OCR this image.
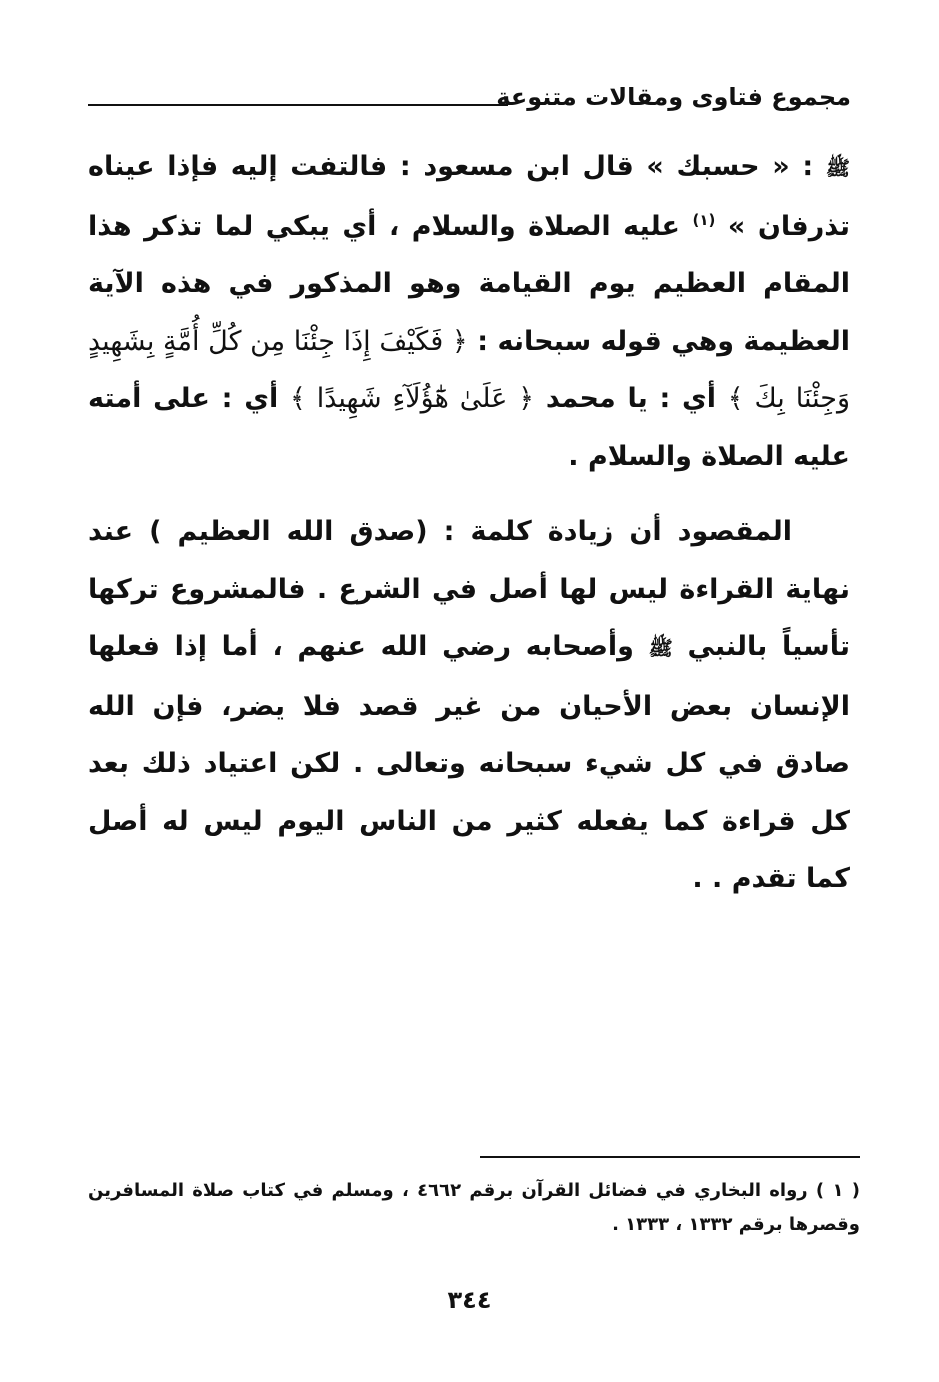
مجموع فتاوى ومقالات متنوعة

ﷺ : « حسبك » قال ابن مسعود : فالتفت إليه فإذا عيناه تذرفان » $^{(١)}$ عليه الصلاة والسلام ، أي يبكي لما تذكر هذا المقام العظيم يوم القيامة وهو المذكور في هذه الآية العظيمة وهي قوله سبحانه : ﴿ فَكَيْفَ إِذَا جِئْنَا مِن كُلِّ أُمَّةٍ بِشَهِيدٍ وَجِئْنَا بِكَ ﴾ أي : يا محمد ﴿ عَلَىٰ هَٰٓؤُلَآءِ شَهِيدًا ﴾ أي : على أمته عليه الصلاة والسلام .

المقصود أن زيادة كلمة : (صدق الله العظيم ) عند نهاية القراءة ليس لها أصل في الشرع . فالمشروع تركها تأسياً بالنبي ﷺ وأصحابه رضي الله عنهم ، أما إذا فعلها الإنسان بعض الأحيان من غير قصد فلا يضر، فإن الله صادق في كل شيء سبحانه وتعالى . لكن اعتياد ذلك بعد كل قراءة كما يفعله كثير من الناس اليوم ليس له أصل كما تقدم . .

( ١ ) رواه البخاري في فضائل القرآن برقم ٤٦٦٢ ، ومسلم في كتاب صلاة المسافرين وقصرها برقم ١٣٣٢ ، ١٣٣٣ .
٣٤٤
